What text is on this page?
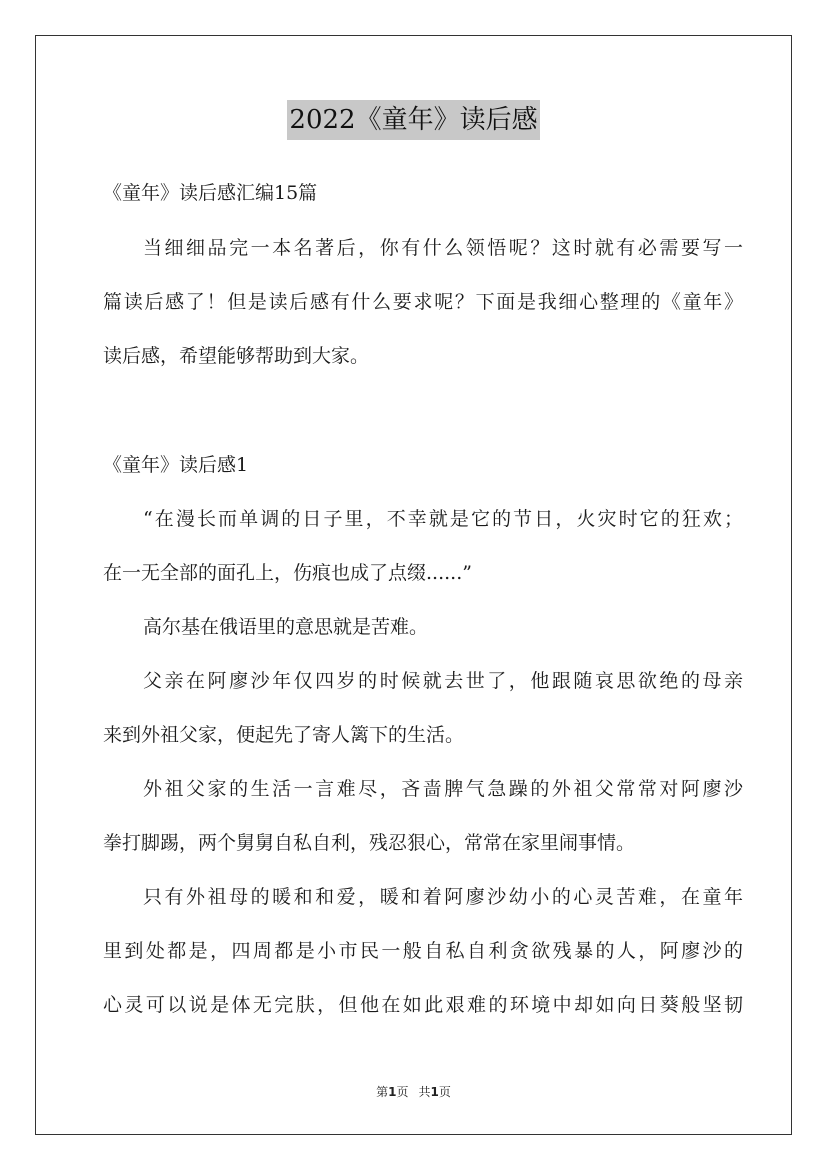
2022《童年》读后感
《童年》读后感汇编15篇
当细细品完一本名著后，你有什么领悟呢？这时就有必需要写一
篇读后感了！但是读后感有什么要求呢？下面是我细心整理的《童年》
读后感，希望能够帮助到大家。
《童年》读后感1
“在漫长而单调的日子里，不幸就是它的节日，火灾时它的狂欢；
在一无全部的面孔上，伤痕也成了点缀......”
高尔基在俄语里的意思就是苦难。
父亲在阿廖沙年仅四岁的时候就去世了，他跟随哀思欲绝的母亲
来到外祖父家，便起先了寄人篱下的生活。
外祖父家的生活一言难尽，吝啬脾气急躁的外祖父常常对阿廖沙
拳打脚踢，两个舅舅自私自利，残忍狠心，常常在家里闹事情。
只有外祖母的暖和和爱，暖和着阿廖沙幼小的心灵苦难，在童年
里到处都是，四周都是小市民一般自私自利贪欲残暴的人，阿廖沙的
心灵可以说是体无完肤，但他在如此艰难的环境中却如向日葵般坚韧
第1页 共1页
